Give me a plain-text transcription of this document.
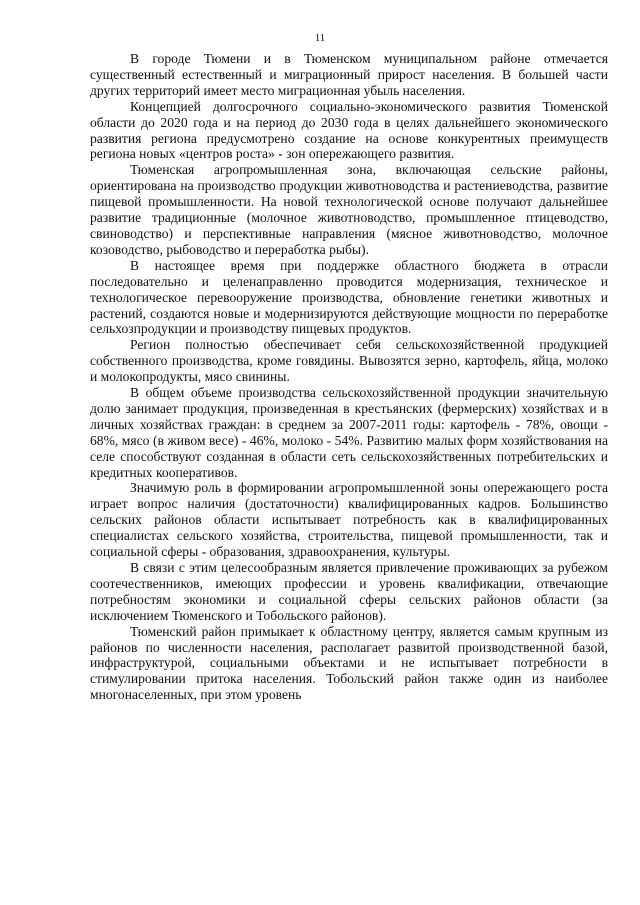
11

В городе Тюмени и в Тюменском муниципальном районе отмечается существенный естественный и миграционный прирост населения. В большей части других территорий имеет место миграционная убыль населения.

Концепцией долгосрочного социально-экономического развития Тюменской области до 2020 года и на период до 2030 года в целях дальнейшего экономического развития региона предусмотрено создание на основе конкурентных преимуществ региона новых «центров роста» - зон опережающего развития.

Тюменская агропромышленная зона, включающая сельские районы, ориентирована на производство продукции животноводства и растениеводства, развитие пищевой промышленности. На новой технологической основе получают дальнейшее развитие традиционные (молочное животноводство, промышленное птицеводство, свиноводство) и перспективные направления (мясное животноводство, молочное козоводство, рыбоводство и переработка рыбы).

В настоящее время при поддержке областного бюджета в отрасли последовательно и целенаправленно проводится модернизация, техническое и технологическое перевооружение производства, обновление генетики животных и растений, создаются новые и модернизируются действующие мощности по переработке сельхозпродукции и производству пищевых продуктов.

Регион полностью обеспечивает себя сельскохозяйственной продукцией собственного производства, кроме говядины. Вывозятся зерно, картофель, яйца, молоко и молокопродукты, мясо свинины.

В общем объеме производства сельскохозяйственной продукции значительную долю занимает продукция, произведенная в крестьянских (фермерских) хозяйствах и в личных хозяйствах граждан: в среднем за 2007-2011 годы: картофель - 78%, овощи - 68%, мясо (в живом весе) - 46%, молоко - 54%. Развитию малых форм хозяйствования на селе способствуют созданная в области сеть сельскохозяйственных потребительских и кредитных кооперативов.

Значимую роль в формировании агропромышленной зоны опережающего роста играет вопрос наличия (достаточности) квалифицированных кадров. Большинство сельских районов области испытывает потребность как в квалифицированных специалистах сельского хозяйства, строительства, пищевой промышленности, так и социальной сферы - образования, здравоохранения, культуры.

В связи с этим целесообразным является привлечение проживающих за рубежом соотечественников, имеющих профессии и уровень квалификации, отвечающие потребностям экономики и социальной сферы сельских районов области (за исключением Тюменского и Тобольского районов).

Тюменский район примыкает к областному центру, является самым крупным из районов по численности населения, располагает развитой производственной базой, инфраструктурой, социальными объектами и не испытывает потребности в стимулировании притока населения. Тобольский район также один из наиболее многонаселенных, при этом уровень
